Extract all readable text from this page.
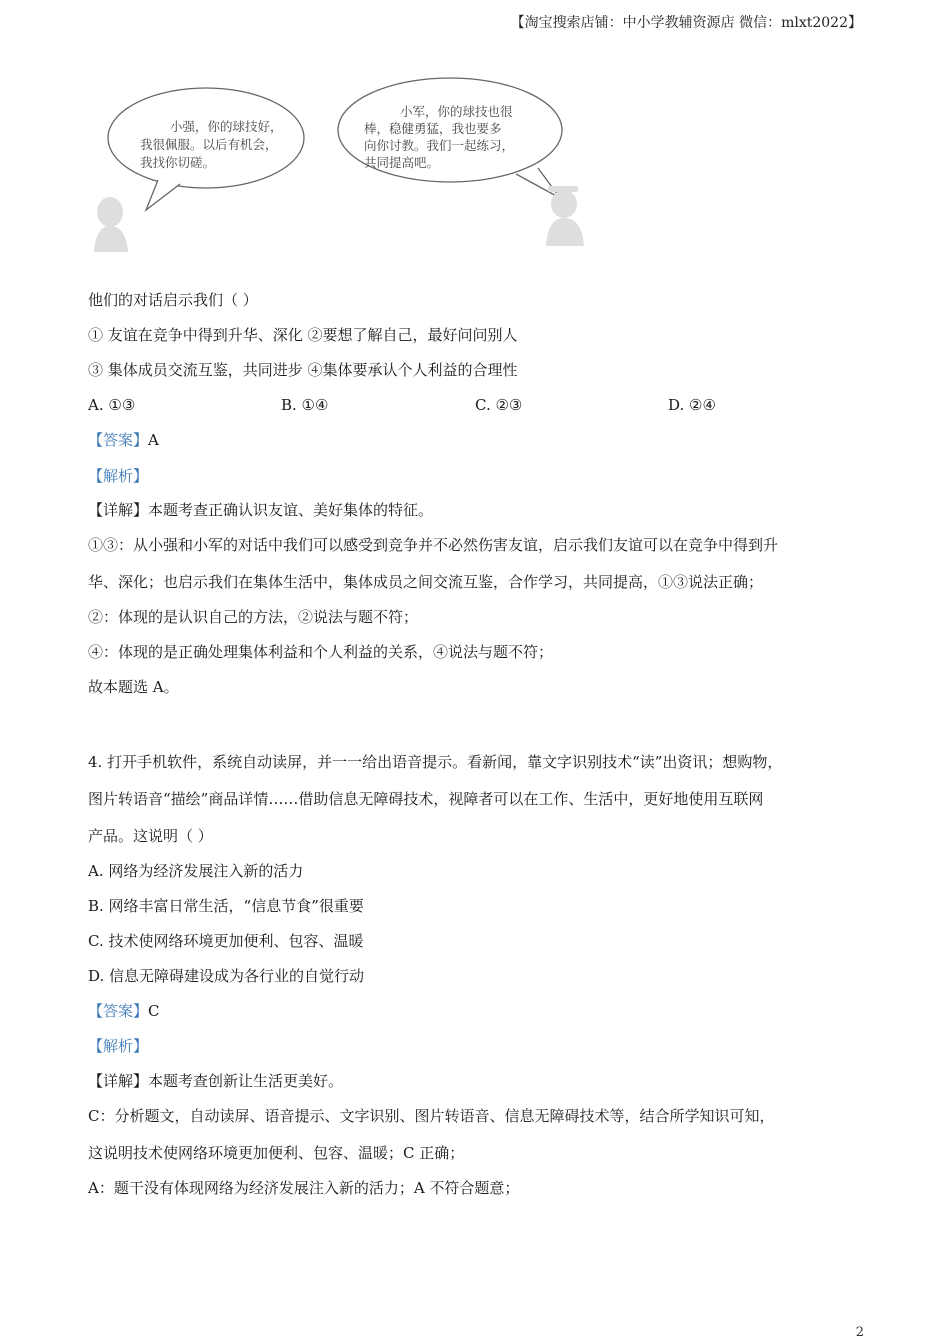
【淘宝搜索店铺：中小学教辅资源店 微信：mlxt2022】
小强，你的球技好，
我很佩服。以后有机会，
我找你切磋。
小军，你的球技也很
棒，稳健勇猛，我也要多
向你讨教。我们一起练习，
共同提高吧。
他们的对话启示我们（ ）
① 友谊在竞争中得到升华、深化 ②要想了解自己，最好问问别人
③ 集体成员交流互鉴，共同进步 ④集体要承认个人利益的合理性
A. ①③	B. ①④	C. ②③	D. ②④
【答案】A
【解析】
【详解】本题考查正确认识友谊、美好集体的特征。
①③：从小强和小军的对话中我们可以感受到竞争并不必然伤害友谊，启示我们友谊可以在竞争中得到升
华、深化；也启示我们在集体生活中，集体成员之间交流互鉴，合作学习，共同提高，①③说法正确；
②：体现的是认识自己的方法，②说法与题不符；
④：体现的是正确处理集体利益和个人利益的关系，④说法与题不符；
故本题选 A。
4. 打开手机软件，系统自动读屏，并一一给出语音提示。看新闻，靠文字识别技术“读”出资讯；想购物，
图片转语音“描绘”商品详情……借助信息无障碍技术，视障者可以在工作、生活中，更好地使用互联网
产品。这说明（ ）
A. 网络为经济发展注入新的活力
B. 网络丰富日常生活，“信息节食”很重要
C. 技术使网络环境更加便利、包容、温暖
D. 信息无障碍建设成为各行业的自觉行动
【答案】C
【解析】
【详解】本题考查创新让生活更美好。
C：分析题文，自动读屏、语音提示、文字识别、图片转语音、信息无障碍技术等，结合所学知识可知，
这说明技术使网络环境更加便利、包容、温暖；C 正确；
A：题干没有体现网络为经济发展注入新的活力；A 不符合题意；
2
